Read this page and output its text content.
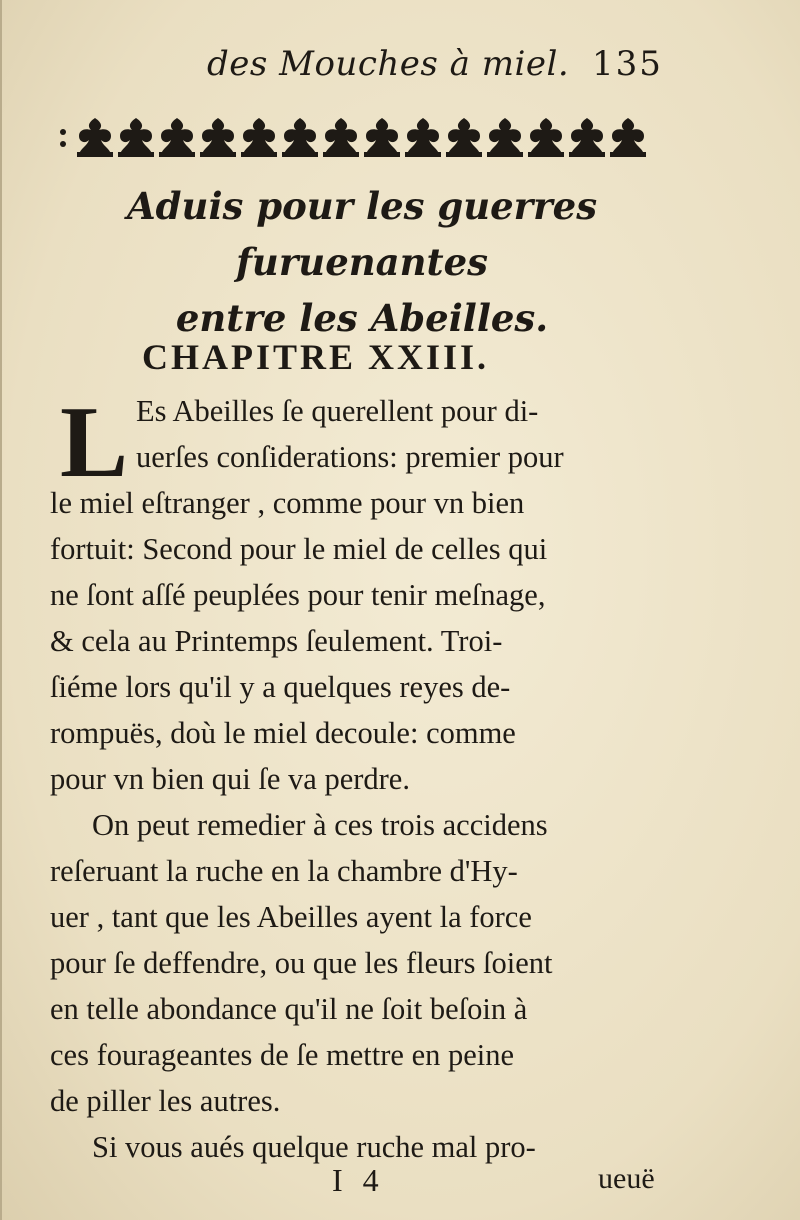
des Mouches à miel. 135
Aduis pour les guerres furuenantes
entre les Abeilles.
CHAPITRE XXIII.
L Es Abeilles ſe querellent pour di-
uerſes conſiderations: premier pour
le miel eſtranger , comme pour vn bien
fortuit: Second pour le miel de celles qui
ne ſont aſſé peuplées pour tenir meſnage,
& cela au Printemps ſeulement. Troi-
ſiéme lors qu'il y a quelques reyes de-
rompuës, doù le miel decoule: comme
pour vn bien qui ſe va perdre.
On peut remedier à ces trois accidens
reſeruant la ruche en la chambre d'Hy-
uer , tant que les Abeilles ayent la force
pour ſe deffendre, ou que les fleurs ſoient
en telle abondance qu'il ne ſoit beſoin à
ces fourageantes de ſe mettre en peine
de piller les autres.
Si vous aués quelque ruche mal pro-
I 4	ueuë
